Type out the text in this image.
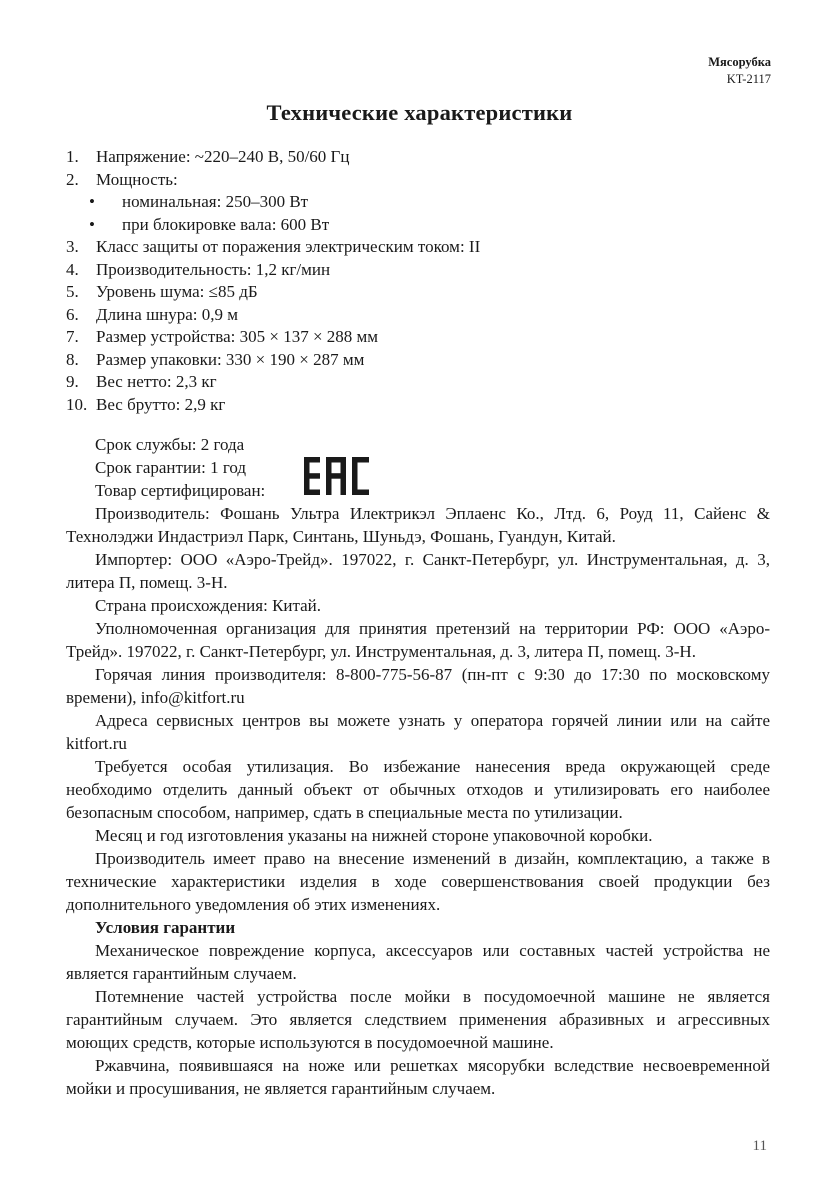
Мясорубка
KT-2117
Технические характеристики
1. Напряжение: ~220–240 В, 50/60 Гц
2. Мощность:
• номинальная: 250–300 Вт
• при блокировке вала: 600 Вт
3. Класс защиты от поражения электрическим током: II
4. Производительность: 1,2 кг/мин
5. Уровень шума: ≤85 дБ
6. Длина шнура: 0,9 м
7. Размер устройства: 305 × 137 × 288 мм
8. Размер упаковки: 330 × 190 × 287 мм
9. Вес нетто: 2,3 кг
10. Вес брутто: 2,9 кг

Срок службы: 2 года

Срок гарантии: 1 год

Товар сертифицирован:

Производитель: Фошань Ультра Илектрикэл Эплаенс Ко., Лтд. 6, Роуд 11, Сайенс & Технолэджи Индастриэл Парк, Синтань, Шуньдэ, Фошань, Гуандун, Китай.

Импортер: ООО «Аэро-Трейд». 197022, г. Санкт-Петербург, ул. Инструментальная, д. 3, литера П, помещ. 3-Н.

Страна происхождения: Китай.

Уполномоченная организация для принятия претензий на территории РФ: ООО «Аэро-Трейд». 197022, г. Санкт-Петербург, ул. Инструментальная, д. 3, литера П, помещ. 3-Н.

Горячая линия производителя: 8-800-775-56-87 (пн-пт с 9:30 до 17:30 по московскому времени), info@kitfort.ru

Адреса сервисных центров вы можете узнать у оператора горячей линии или на сайте kitfort.ru

Требуется особая утилизация. Во избежание нанесения вреда окружающей среде необходимо отделить данный объект от обычных отходов и утилизировать его наиболее безопасным способом, например, сдать в специальные места по утилизации.

Месяц и год изготовления указаны на нижней стороне упаковочной коробки.

Производитель имеет право на внесение изменений в дизайн, комплектацию, а также в технические характеристики изделия в ходе совершенствования своей продукции без дополнительного уведомления об этих изменениях.

Условия гарантии

Механическое повреждение корпуса, аксессуаров или составных частей устройства не является гарантийным случаем.

Потемнение частей устройства после мойки в посудомоечной машине не является гарантийным случаем. Это является следствием применения абразивных и агрессивных моющих средств, которые используются в посудомоечной машине.

Ржавчина, появившаяся на ноже или решетках мясорубки вследствие несвоевременной мойки и просушивания, не является гарантийным случаем.

11
